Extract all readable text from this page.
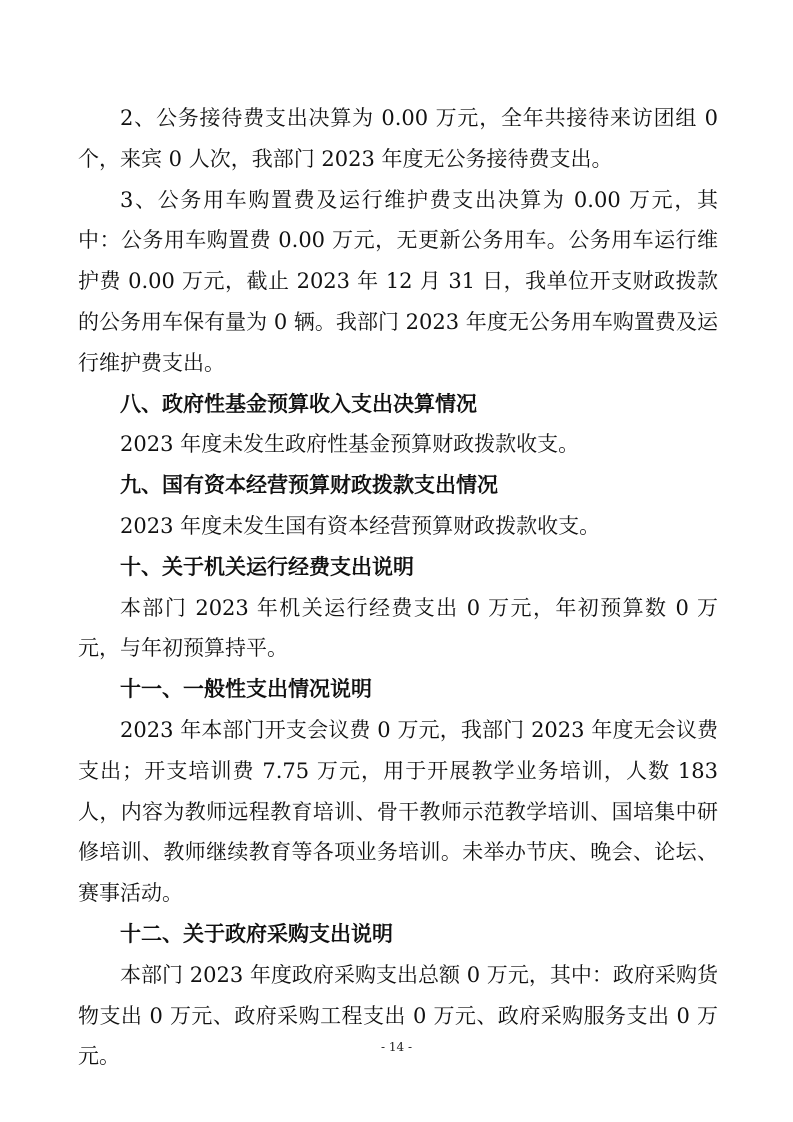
2、公务接待费支出决算为 0.00 万元，全年共接待来访团组 0 个，来宾 0 人次，我部门 2023 年度无公务接待费支出。

3、公务用车购置费及运行维护费支出决算为 0.00 万元，其中：公务用车购置费 0.00 万元，无更新公务用车。公务用车运行维护费 0.00 万元，截止 2023 年 12 月 31 日，我单位开支财政拨款的公务用车保有量为 0 辆。我部门 2023 年度无公务用车购置费及运行维护费支出。

八、政府性基金预算收入支出决算情况

2023 年度未发生政府性基金预算财政拨款收支。

九、国有资本经营预算财政拨款支出情况

2023 年度未发生国有资本经营预算财政拨款收支。

十、关于机关运行经费支出说明

本部门 2023 年机关运行经费支出 0 万元，年初预算数 0 万元，与年初预算持平。

十一、一般性支出情况说明

2023 年本部门开支会议费 0 万元，我部门 2023 年度无会议费支出；开支培训费 7.75 万元，用于开展教学业务培训，人数 183 人，内容为教师远程教育培训、骨干教师示范教学培训、国培集中研修培训、教师继续教育等各项业务培训。未举办节庆、晚会、论坛、赛事活动。

十二、关于政府采购支出说明

本部门 2023 年度政府采购支出总额 0 万元，其中：政府采购货物支出 0 万元、政府采购工程支出 0 万元、政府采购服务支出 0 万元。	- 14 -
